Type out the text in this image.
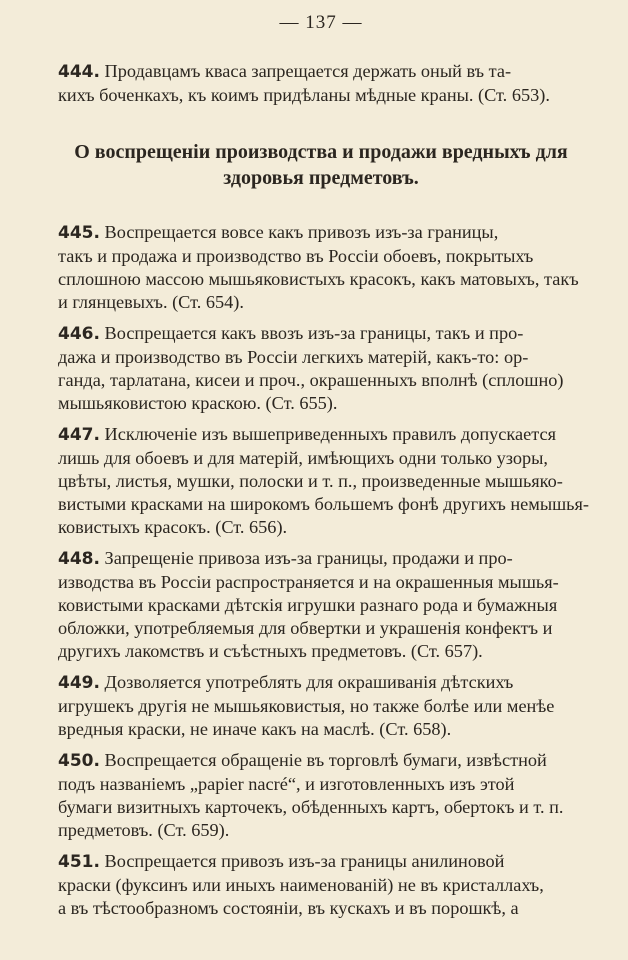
— 137 —

444. Продавцамъ кваса запрещается держать оный въ та-
кихъ боченкахъ, къ коимъ придѣланы мѣдные краны. (Ст. 653).

О воспрещеніи производства и продажи вредныхъ для
здоровья предметовъ.

445. Воспрещается вовсе какъ привозъ изъ-за границы,
такъ и продажа и производство въ Россіи обоевъ, покрытыхъ
сплошною массою мышьяковистыхъ красокъ, какъ матовыхъ, такъ
и глянцевыхъ. (Ст. 654).

446. Воспрещается какъ ввозъ изъ-за границы, такъ и про-
дажа и производство въ Россіи легкихъ матерій, какъ-то: ор-
ганда, тарлатана, кисеи и проч., окрашенныхъ вполнѣ (сплошно)
мышьяковистою краскою. (Ст. 655).

447. Исключеніе изъ вышеприведенныхъ правилъ допускается
лишь для обоевъ и для матерій, имѣющихъ одни только узоры,
цвѣты, листья, мушки, полоски и т. п., произведенные мышьяко-
вистыми красками на широкомъ большемъ фонѣ другихъ немышья-
ковистыхъ красокъ. (Ст. 656).

448. Запрещеніе привоза изъ-за границы, продажи и про-
изводства въ Россіи распространяется и на окрашенныя мышья-
ковистыми красками дѣтскія игрушки разнаго рода и бумажныя
обложки, употребляемыя для обвертки и украшенія конфектъ и
другихъ лакомствъ и съѣстныхъ предметовъ. (Ст. 657).

449. Дозволяется употреблять для окрашиванія дѣтскихъ
игрушекъ другія не мышьяковистыя, но также болѣе или менѣе
вредныя краски, не иначе какъ на маслѣ. (Ст. 658).

450. Воспрещается обращеніе въ торговлѣ бумаги, извѣстной
подъ названіемъ „papier nacré“, и изготовленныхъ изъ этой
бумаги визитныхъ карточекъ, обѣденныхъ картъ, обертокъ и т. п.
предметовъ. (Ст. 659).

451. Воспрещается привозъ изъ-за границы анилиновой
краски (фуксинъ или иныхъ наименованій) не въ кристаллахъ,
а въ тѣстообразномъ состояніи, въ кускахъ и въ порошкѣ, а
